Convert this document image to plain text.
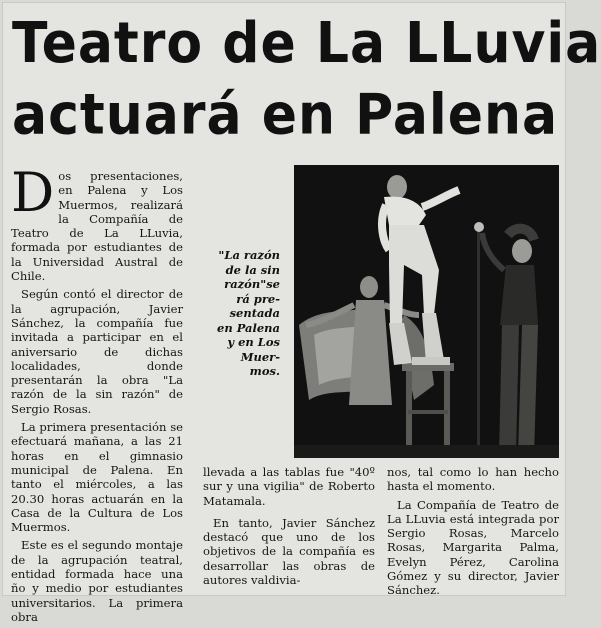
Teatro de La LLuvia
actuará en Palena

Dos presentaciones, en Palena y Los Muermos, realizará la Compañía de Teatro de La LLuvia, formada por estudiantes de la Universidad Austral de Chile.

Según contó el director de la agrupación, Javier Sánchez, la compañía fue invitada a participar en el aniversario de dichas localidades, donde presentarán la obra "La razón de la sin razón" de Sergio Rosas.

La primera presentación se efectuará mañana, a las 21 horas en el gimnasio municipal de Palena. En tanto el miércoles, a las 20.30 horas actuarán en la Casa de la Cultura de Los Muermos.

Este es el segundo montaje de la agrupación teatral, entidad formada hace una ño y medio por estudiantes universitarios. La primera obra

"La razón
de la sin
razón"se
rá pre-
sentada
en Palena
y en Los
Muer-
mos.

llevada a las tablas fue "40º sur y una vigilia" de Roberto Matamala.

En tanto, Javier Sánchez destacó que uno de los objetivos de la compañía es desarrollar las obras de autores valdivia-

nos, tal como lo han hecho hasta el momento.

La Compañía de Teatro de La LLuvia está integrada por Sergio Rosas, Marcelo Rosas, Margarita Palma, Evelyn Pérez, Carolina Gómez y su director, Javier Sánchez.
